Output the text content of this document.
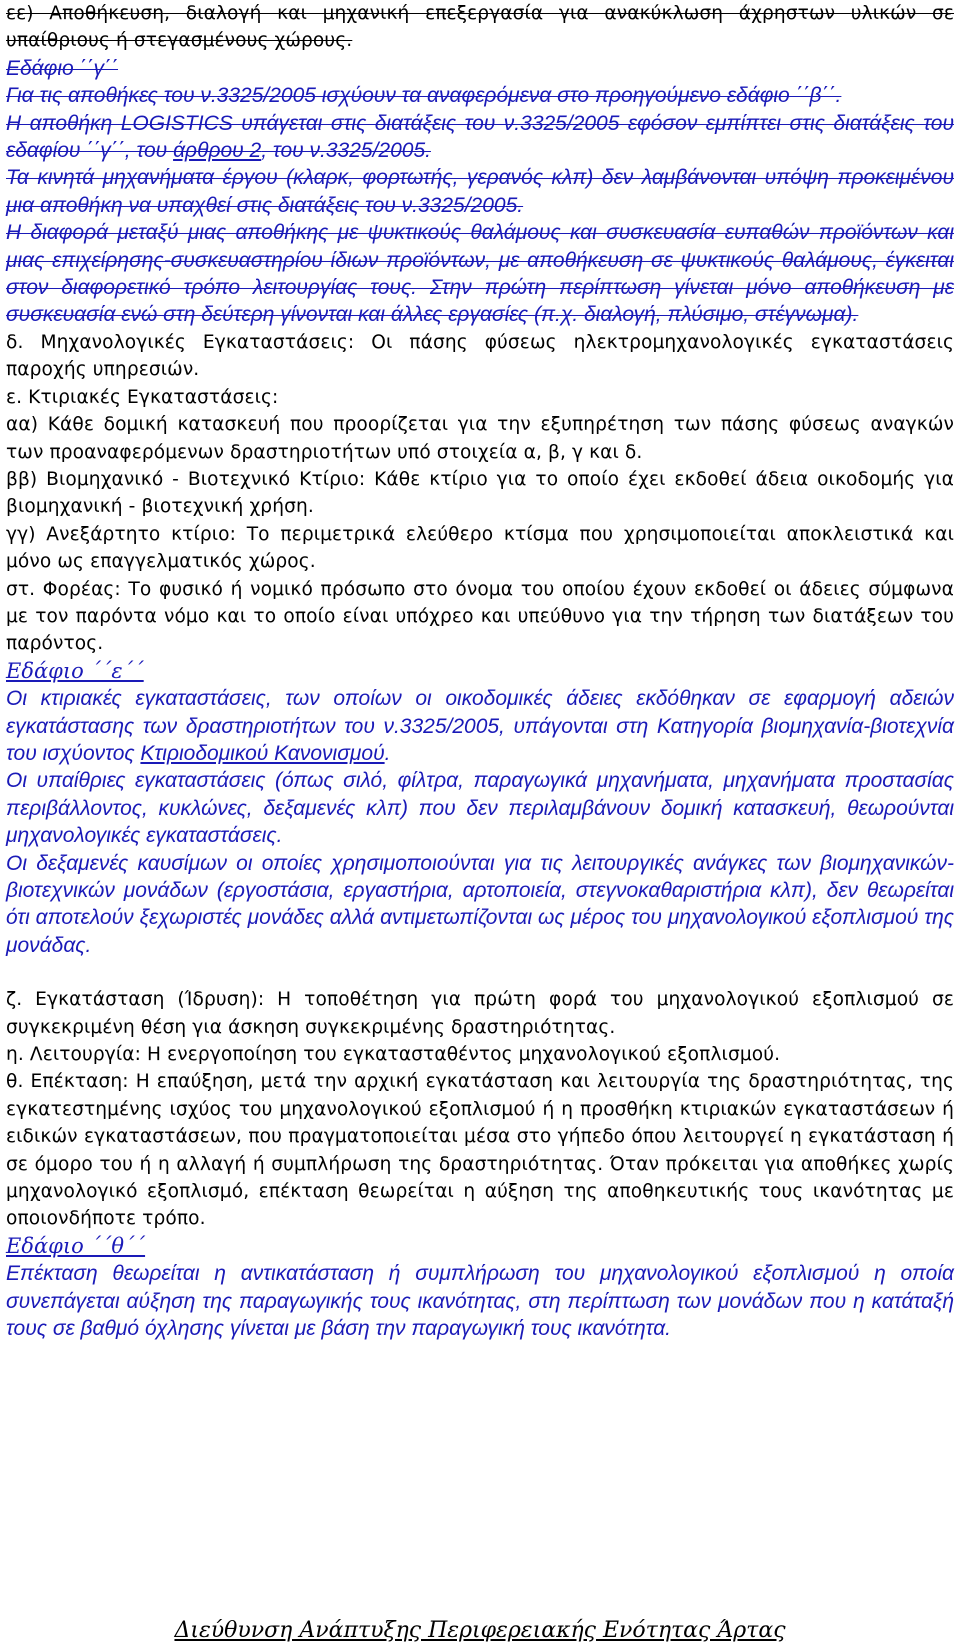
εε) Αποθήκευση, διαλογή και μηχανική επεξεργασία για ανακύκλωση άχρηστων υλικών σε υπαίθριους ή στεγασμένους χώρους.

Εδάφιο ΄΄γ΄΄

Για τις αποθήκες του ν.3325/2005 ισχύουν τα αναφερόμενα στο προηγούμενο εδάφιο ΄΄β΄΄.

Η αποθήκη LOGISTICS υπάγεται στις διατάξεις του ν.3325/2005 εφόσον εμπίπτει στις διατάξεις του εδαφίου ΄΄γ΄΄, του άρθρου 2, του ν.3325/2005.

Τα κινητά μηχανήματα έργου (κλαρκ, φορτωτής, γερανός κλπ) δεν λαμβάνονται υπόψη προκειμένου μια αποθήκη να υπαχθεί στις διατάξεις του ν.3325/2005.

Η διαφορά μεταξύ μιας αποθήκης με ψυκτικούς θαλάμους και συσκευασία ευπαθών προϊόντων και μιας επιχείρησης-συσκευαστηρίου ίδιων προϊόντων, με αποθήκευση σε ψυκτικούς θαλάμους, έγκειται στον διαφορετικό τρόπο λειτουργίας τους. Στην πρώτη περίπτωση γίνεται μόνο αποθήκευση με συσκευασία ενώ στη δεύτερη γίνονται και άλλες εργασίες (π.χ. διαλογή, πλύσιμο, στέγνωμα).

δ. Μηχανολογικές Εγκαταστάσεις: Οι πάσης φύσεως ηλεκτρομηχανολογικές εγκαταστάσεις παροχής υπηρεσιών.

ε. Κτιριακές Εγκαταστάσεις:

αα) Κάθε δομική κατασκευή που προορίζεται για την εξυπηρέτηση των πάσης φύσεως αναγκών των προαναφερόμενων δραστηριοτήτων υπό στοιχεία α, β, γ και δ.

ββ) Βιομηχανικό - Βιοτεχνικό Κτίριο: Κάθε κτίριο για το οποίο έχει εκδοθεί άδεια οικοδομής για βιομηχανική - βιοτεχνική χρήση.

γγ) Ανεξάρτητο κτίριο: Το περιμετρικά ελεύθερο κτίσμα που χρησιμοποιείται αποκλειστικά και μόνο ως επαγγελματικός χώρος.

στ. Φορέας: Το φυσικό ή νομικό πρόσωπο στο όνομα του οποίου έχουν εκδοθεί οι άδειες σύμφωνα με τον παρόντα νόμο και το οποίο είναι υπόχρεο και υπεύθυνο για την τήρηση των διατάξεων του παρόντος.

Εδάφιο ΄΄ε΄΄

Οι κτιριακές εγκαταστάσεις, των οποίων οι οικοδομικές άδειες εκδόθηκαν σε εφαρμογή αδειών εγκατάστασης των δραστηριοτήτων του ν.3325/2005, υπάγονται στη Κατηγορία βιομηχανία-βιοτεχνία του ισχύοντος Κτιριοδομικού Κανονισμού.

Οι υπαίθριες εγκαταστάσεις (όπως σιλό, φίλτρα, παραγωγικά μηχανήματα, μηχανήματα προστασίας περιβάλλοντος, κυκλώνες, δεξαμενές κλπ) που δεν περιλαμβάνουν δομική κατασκευή, θεωρούνται μηχανολογικές εγκαταστάσεις.

Οι δεξαμενές καυσίμων οι οποίες χρησιμοποιούνται για τις λειτουργικές ανάγκες των βιομηχανικών-βιοτεχνικών μονάδων (εργοστάσια, εργαστήρια, αρτοποιεία, στεγνοκαθαριστήρια κλπ), δεν θεωρείται ότι αποτελούν ξεχωριστές μονάδες αλλά αντιμετωπίζονται ως μέρος του μηχανολογικού εξοπλισμού της μονάδας.

ζ. Εγκατάσταση (Ίδρυση): Η τοποθέτηση για πρώτη φορά του μηχανολογικού εξοπλισμού σε συγκεκριμένη θέση για άσκηση συγκεκριμένης δραστηριότητας.

η. Λειτουργία: Η ενεργοποίηση του εγκατασταθέντος μηχανολογικού εξοπλισμού.

θ. Επέκταση: Η επαύξηση, μετά την αρχική εγκατάσταση και λειτουργία της δραστηριότητας, της εγκατεστημένης ισχύος του μηχανολογικού εξοπλισμού ή η προσθήκη κτιριακών εγκαταστάσεων ή ειδικών εγκαταστάσεων, που πραγματοποιείται μέσα στο γήπεδο όπου λειτουργεί η εγκατάσταση ή σε όμορο του ή η αλλαγή ή συμπλήρωση της δραστηριότητας. Όταν πρόκειται για αποθήκες χωρίς μηχανολογικό εξοπλισμό, επέκταση θεωρείται η αύξηση της αποθηκευτικής τους ικανότητας με οποιονδήποτε τρόπο.

Εδάφιο ΄΄θ΄΄

Επέκταση θεωρείται η αντικατάσταση ή συμπλήρωση του μηχανολογικού εξοπλισμού η οποία συνεπάγεται αύξηση της παραγωγικής τους ικανότητας, στη περίπτωση των μονάδων που η κατάταξή τους σε βαθμό όχλησης γίνεται με βάση την παραγωγική τους ικανότητα.

Διεύθυνση Ανάπτυξης Περιφερειακής Ενότητας Άρτας
